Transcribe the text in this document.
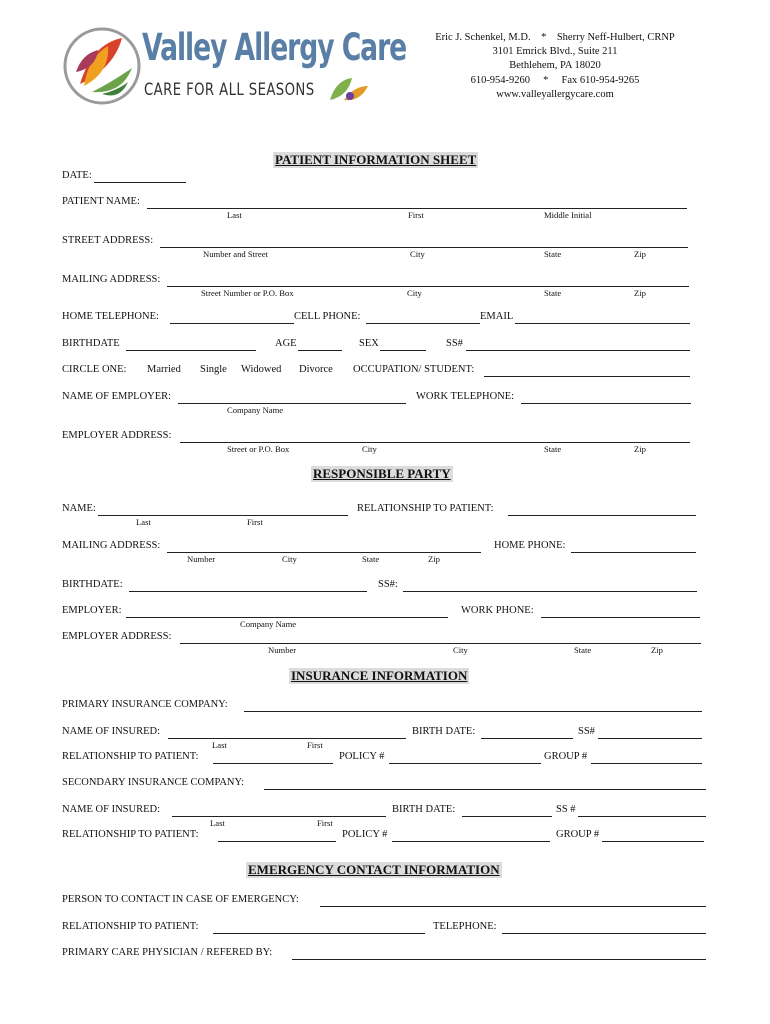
Valley Allergy Care
CARE FOR ALL SEASONS
Eric J. Schenkel, M.D.    *    Sherry Neff-Hulbert, CRNP
3101 Emrick Blvd., Suite 211
Bethlehem, PA 18020
610-954-9260     *     Fax 610-954-9265
www.valleyallergycare.com
PATIENT INFORMATION SHEET
DATE:
PATIENT NAME:
Last	First	Middle Initial
STREET ADDRESS:
Number and Street	City	State	Zip
MAILING ADDRESS:
Street Number or P.O. Box	City	State	Zip
HOME TELEPHONE:	CELL PHONE:	EMAIL
BIRTHDATE	AGE	SEX	SS#
CIRCLE ONE: Married Single Widowed Divorce OCCUPATION/ STUDENT:
NAME OF EMPLOYER:
Company Name
WORK TELEPHONE:
EMPLOYER ADDRESS:
Street or P.O. Box	City	State	Zip
RESPONSIBLE PARTY
NAME:
Last	First
RELATIONSHIP TO PATIENT:
MAILING ADDRESS:
Number	City	State	Zip
HOME PHONE:
BIRTHDATE:	SS#:
EMPLOYER:
Company Name
WORK PHONE:
EMPLOYER ADDRESS:
Number	City	State	Zip
INSURANCE INFORMATION
PRIMARY INSURANCE COMPANY:
NAME OF INSURED:
Last	First
BIRTH DATE:	SS#
RELATIONSHIP TO PATIENT:	POLICY #	GROUP #
SECONDARY INSURANCE COMPANY:
NAME OF INSURED:
Last	First
BIRTH DATE:	SS #
RELATIONSHIP TO PATIENT:	POLICY #	GROUP #
EMERGENCY CONTACT INFORMATION
PERSON TO CONTACT IN CASE OF EMERGENCY:
RELATIONSHIP TO PATIENT:	TELEPHONE:
PRIMARY CARE PHYSICIAN / REFERED BY:
